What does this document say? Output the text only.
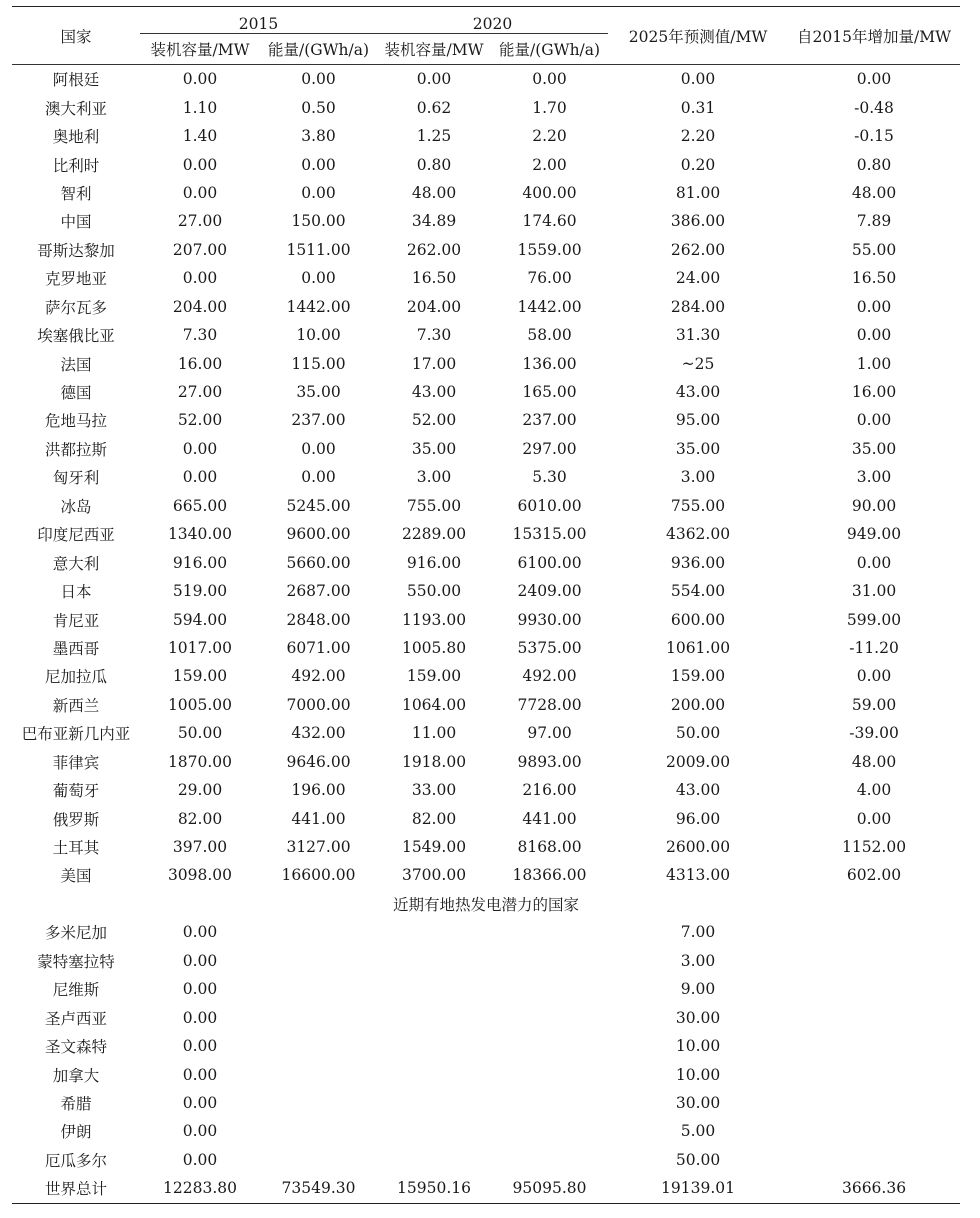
国家	2015		2020		2025年预测值/MW	自2015年增加量/MW
	装机容量/MW	能量/(GWh/a)	装机容量/MW	能量/(GWh/a)		
阿根廷	0.00	0.00	0.00	0.00	0.00	0.00
澳大利亚	1.10	0.50	0.62	1.70	0.31	-0.48
奥地利	1.40	3.80	1.25	2.20	2.20	-0.15
比利时	0.00	0.00	0.80	2.00	0.20	0.80
智利	0.00	0.00	48.00	400.00	81.00	48.00
中国	27.00	150.00	34.89	174.60	386.00	7.89
哥斯达黎加	207.00	1511.00	262.00	1559.00	262.00	55.00
克罗地亚	0.00	0.00	16.50	76.00	24.00	16.50
萨尔瓦多	204.00	1442.00	204.00	1442.00	284.00	0.00
埃塞俄比亚	7.30	10.00	7.30	58.00	31.30	0.00
法国	16.00	115.00	17.00	136.00	~25	1.00
德国	27.00	35.00	43.00	165.00	43.00	16.00
危地马拉	52.00	237.00	52.00	237.00	95.00	0.00
洪都拉斯	0.00	0.00	35.00	297.00	35.00	35.00
匈牙利	0.00	0.00	3.00	5.30	3.00	3.00
冰岛	665.00	5245.00	755.00	6010.00	755.00	90.00
印度尼西亚	1340.00	9600.00	2289.00	15315.00	4362.00	949.00
意大利	916.00	5660.00	916.00	6100.00	936.00	0.00
日本	519.00	2687.00	550.00	2409.00	554.00	31.00
肯尼亚	594.00	2848.00	1193.00	9930.00	600.00	599.00
墨西哥	1017.00	6071.00	1005.80	5375.00	1061.00	-11.20
尼加拉瓜	159.00	492.00	159.00	492.00	159.00	0.00
新西兰	1005.00	7000.00	1064.00	7728.00	200.00	59.00
巴布亚新几内亚	50.00	432.00	11.00	97.00	50.00	-39.00
菲律宾	1870.00	9646.00	1918.00	9893.00	2009.00	48.00
葡萄牙	29.00	196.00	33.00	216.00	43.00	4.00
俄罗斯	82.00	441.00	82.00	441.00	96.00	0.00
土耳其	397.00	3127.00	1549.00	8168.00	2600.00	1152.00
美国	3098.00	16600.00	3700.00	18366.00	4313.00	602.00
近期有地热发电潜力的国家						
多米尼加	0.00				7.00	
蒙特塞拉特	0.00				3.00	
尼维斯	0.00				9.00	
圣卢西亚	0.00				30.00	
圣文森特	0.00				10.00	
加拿大	0.00				10.00	
希腊	0.00				30.00	
伊朗	0.00				5.00	
厄瓜多尔	0.00				50.00	
世界总计	12283.80	73549.30	15950.16	95095.80	19139.01	3666.36
